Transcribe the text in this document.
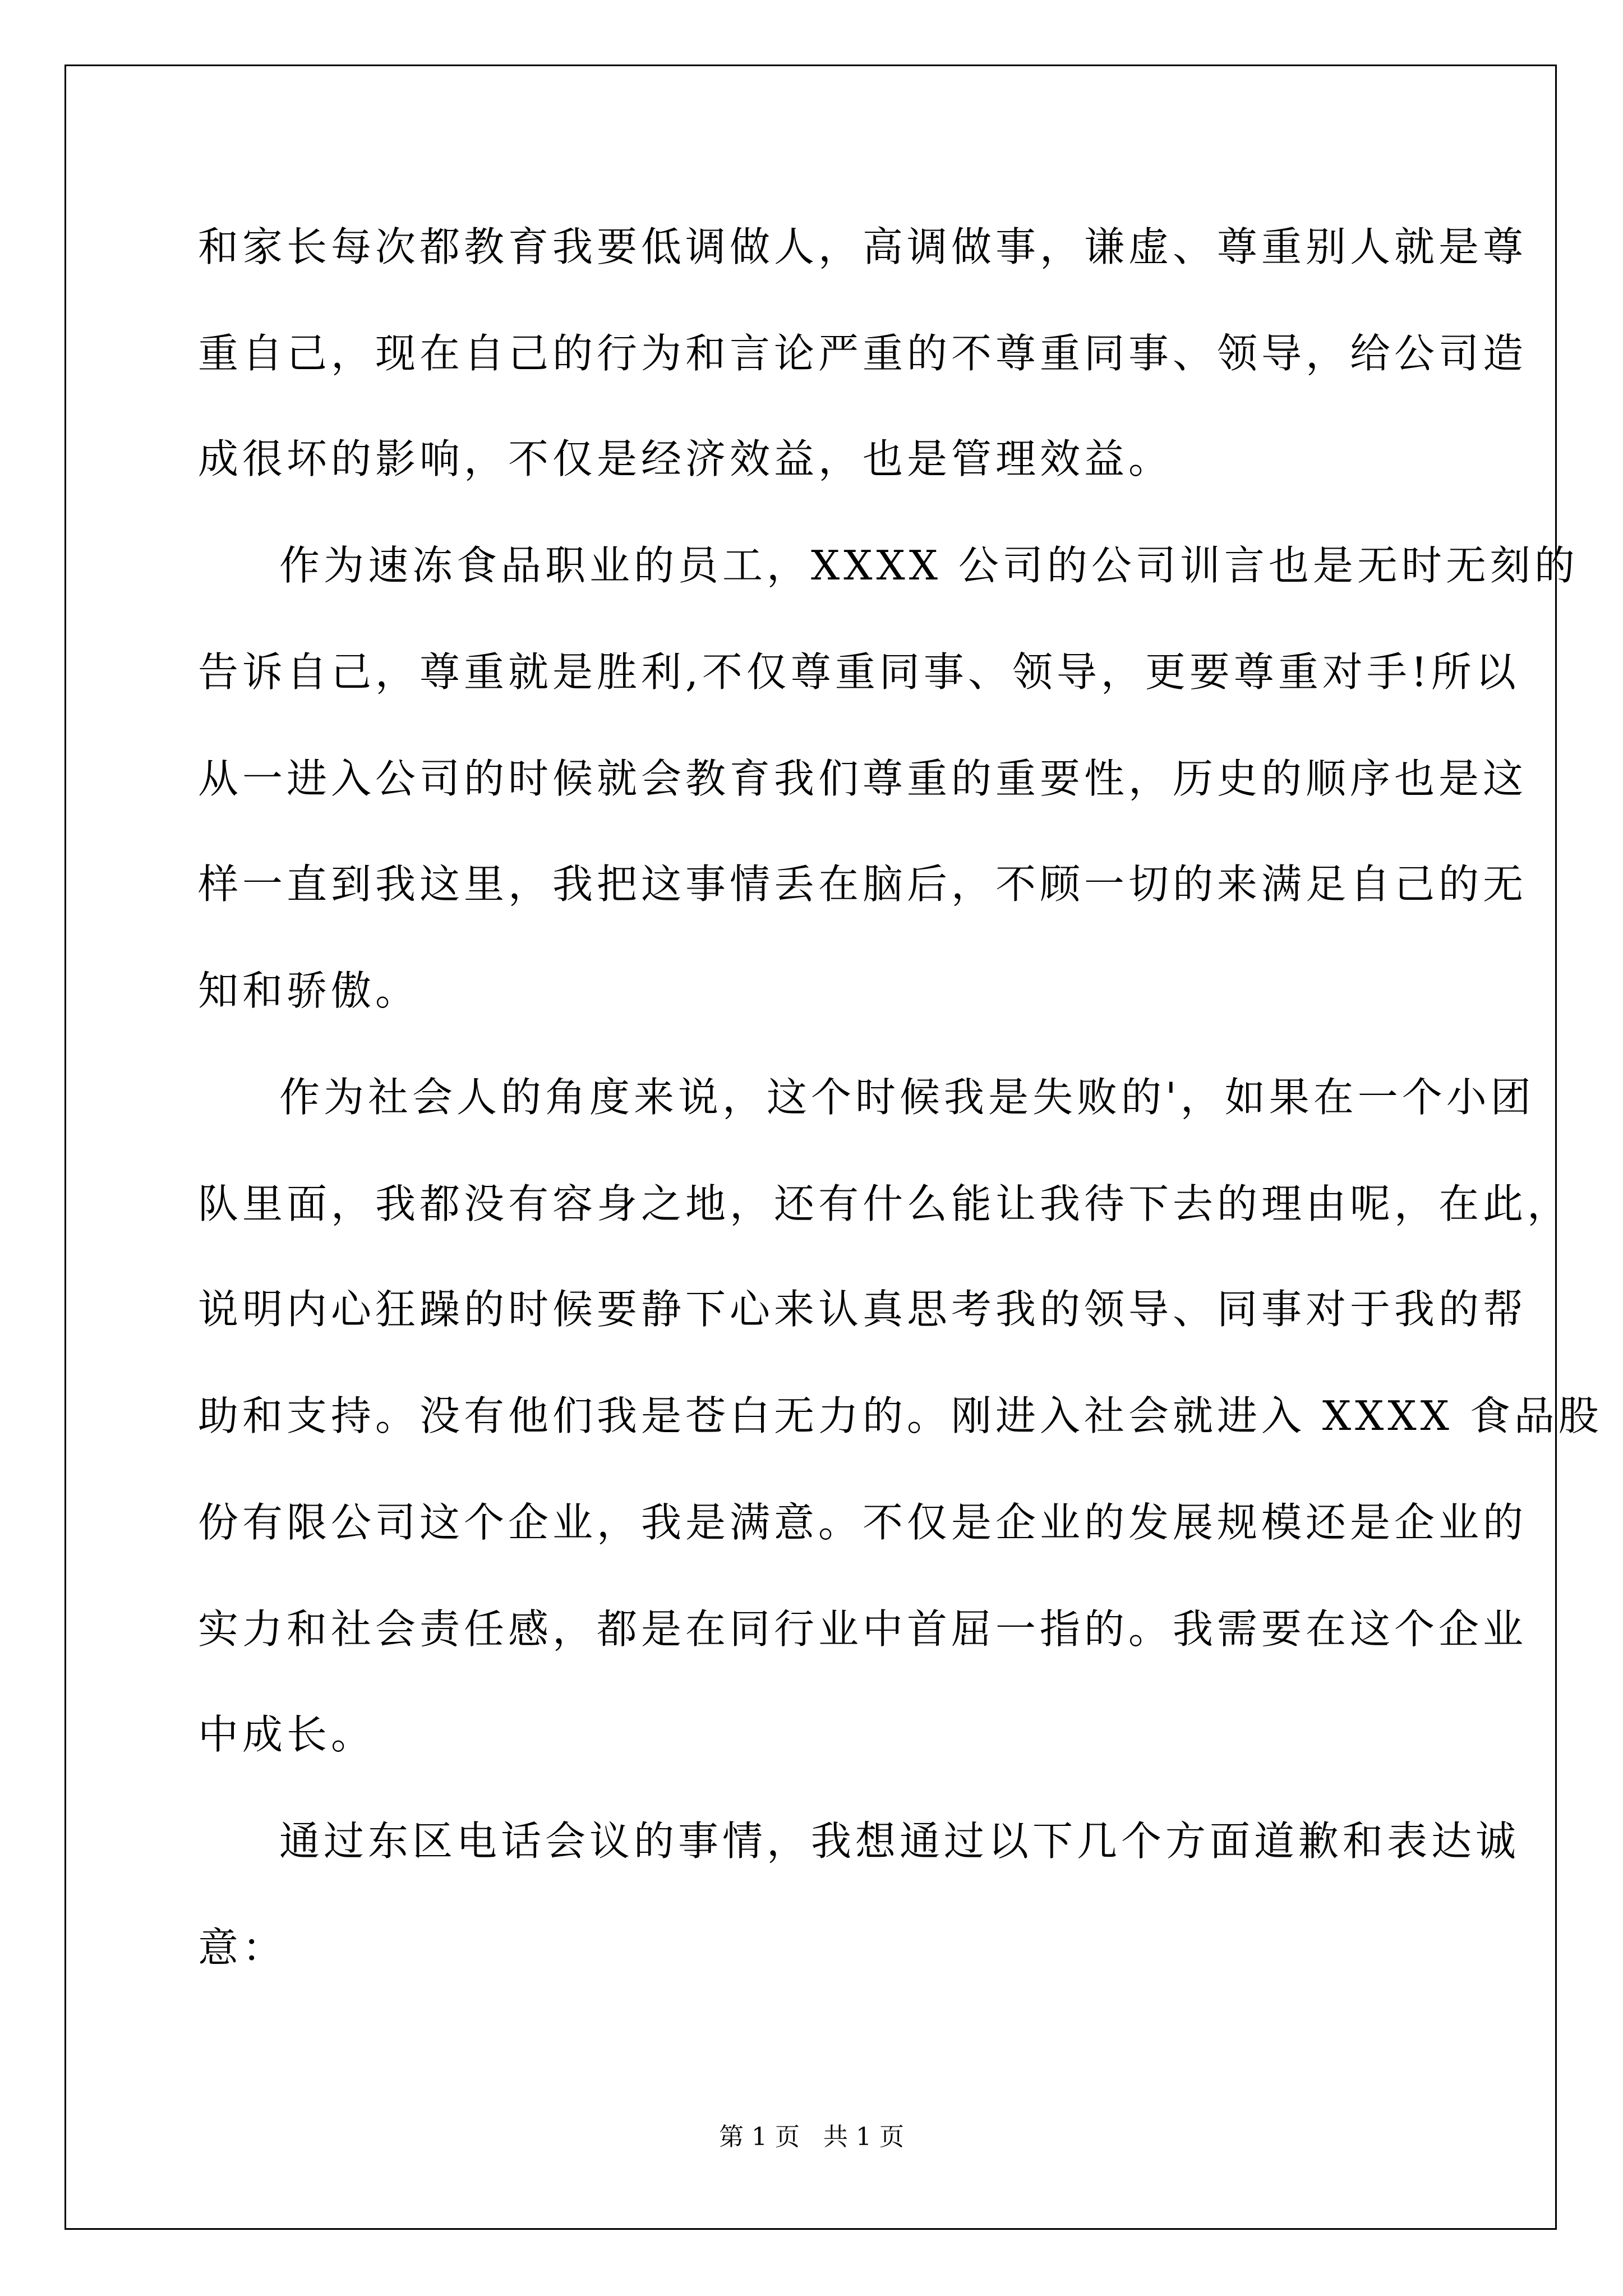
和家长每次都教育我要低调做人，高调做事，谦虚、尊重别人就是尊
重自己，现在自己的行为和言论严重的不尊重同事、领导，给公司造
成很坏的影响，不仅是经济效益，也是管理效益。
作为速冻食品职业的员工，XXXX 公司的公司训言也是无时无刻的
告诉自己，尊重就是胜利,不仅尊重同事、领导，更要尊重对手!所以
从一进入公司的时候就会教育我们尊重的重要性，历史的顺序也是这
样一直到我这里，我把这事情丢在脑后，不顾一切的来满足自己的无
知和骄傲。
作为社会人的角度来说，这个时候我是失败的'，如果在一个小团
队里面，我都没有容身之地，还有什么能让我待下去的理由呢，在此，
说明内心狂躁的时候要静下心来认真思考我的领导、同事对于我的帮
助和支持。没有他们我是苍白无力的。刚进入社会就进入 XXXX 食品股
份有限公司这个企业，我是满意。不仅是企业的发展规模还是企业的
实力和社会责任感，都是在同行业中首屈一指的。我需要在这个企业
中成长。
通过东区电话会议的事情，我想通过以下几个方面道歉和表达诚
意：
第 1 页   共 1 页
